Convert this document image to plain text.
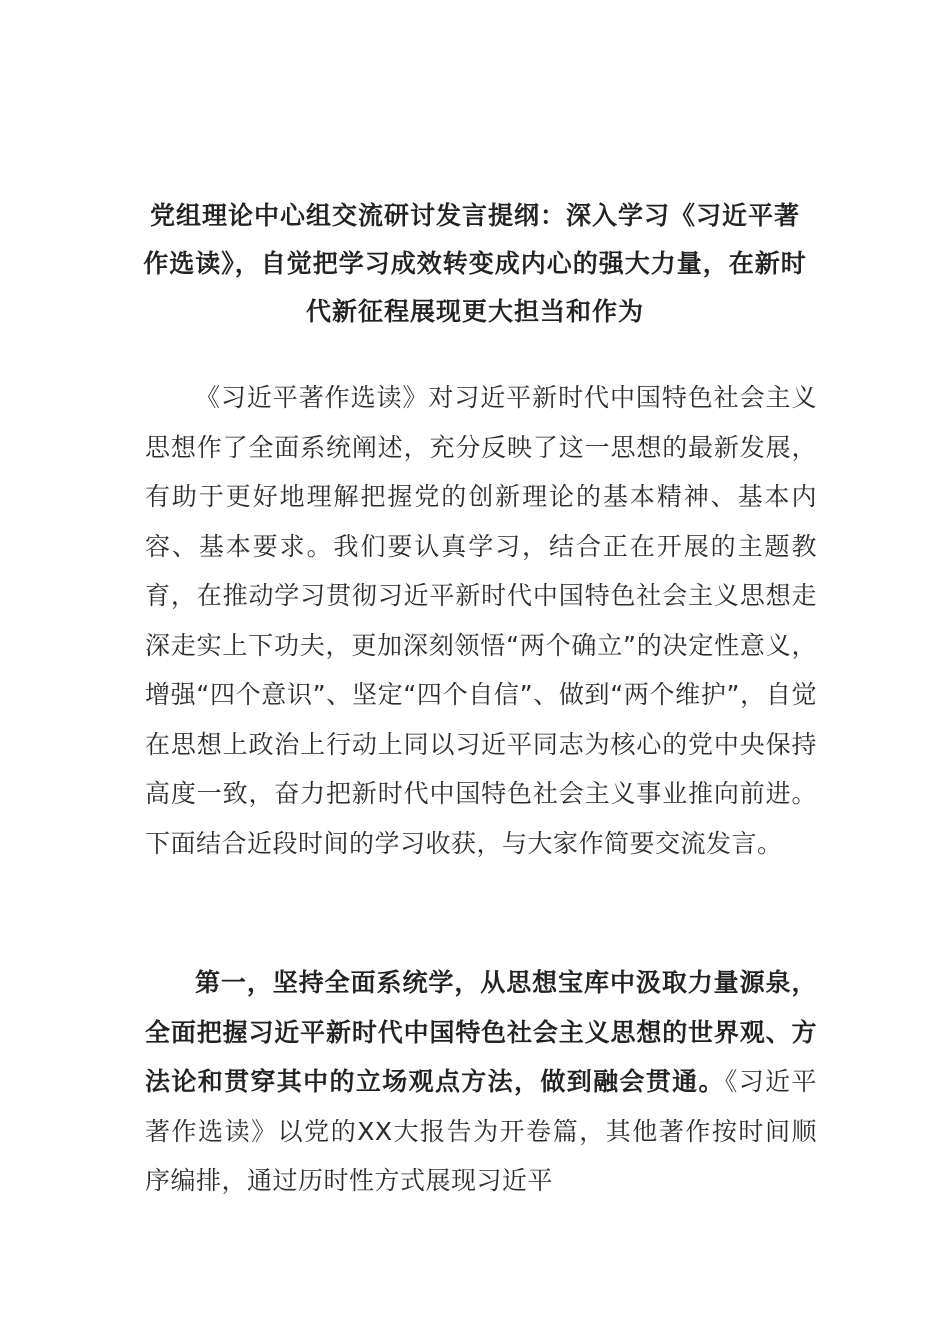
党组理论中心组交流研讨发言提纲：深入学习《习近平著作选读》，自觉把学习成效转变成内心的强大力量，在新时代新征程展现更大担当和作为

《习近平著作选读》对习近平新时代中国特色社会主义思想作了全面系统阐述，充分反映了这一思想的最新发展，有助于更好地理解把握党的创新理论的基本精神、基本内容、基本要求。我们要认真学习，结合正在开展的主题教育，在推动学习贯彻习近平新时代中国特色社会主义思想走深走实上下功夫，更加深刻领悟“两个确立”的决定性意义，增强“四个意识”、坚定“四个自信”、做到“两个维护”，自觉在思想上政治上行动上同以习近平同志为核心的党中央保持高度一致，奋力把新时代中国特色社会主义事业推向前进。下面结合近段时间的学习收获，与大家作简要交流发言。

第一，坚持全面系统学，从思想宝库中汲取力量源泉，全面把握习近平新时代中国特色社会主义思想的世界观、方法论和贯穿其中的立场观点方法，做到融会贯通。《习近平著作选读》以党的XX大报告为开卷篇，其他著作按时间顺序编排，通过历时性方式展现习近平
